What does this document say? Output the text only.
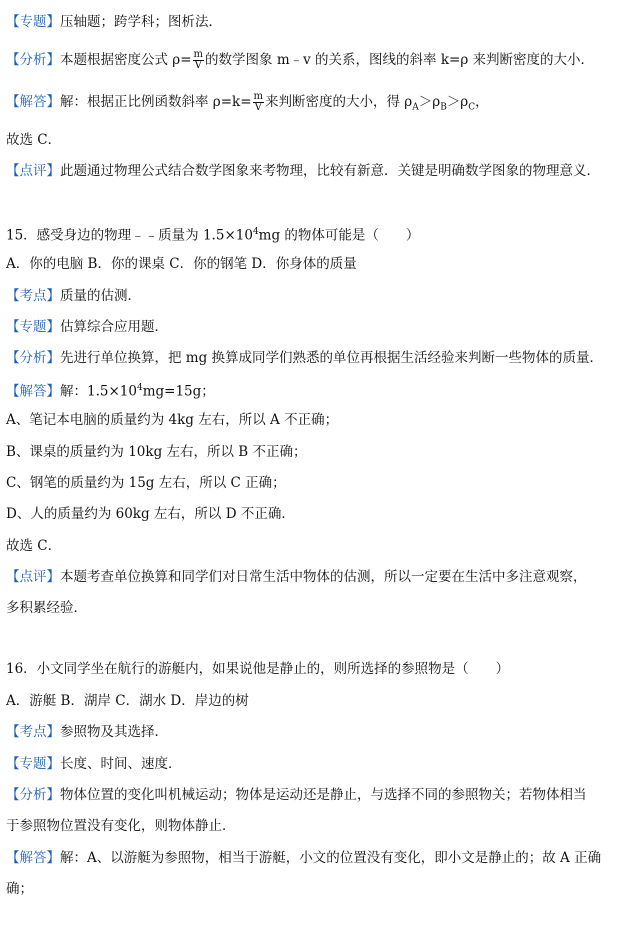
【专题】压轴题；跨学科；图析法．
【分析】本题根据密度公式 $\rho= \frac{m}{V}$ 的数学图象 m﹣v 的关系，图线的斜率 k=ρ 来判断密度的大小．
【解答】解：根据正比例函数斜率 $\rho=k= \frac{m}{V}$ 来判断密度的大小，得 $\rho_A>\rho_B>\rho_C$，
故选 C．
【点评】此题通过物理公式结合数学图象来考物理，比较有新意．关键是明确数学图象的物理意义．
15．感受身边的物理﹣﹣质量为 $1.5\times 10^4mg$ 的物体可能是（　　）
A．你的电脑 B．你的课桌 C．你的钢笔 D．你身体的质量
【考点】质量的估测．
【专题】估算综合应用题．
【分析】先进行单位换算，把 mg 换算成同学们熟悉的单位再根据生活经验来判断一些物体的质量．
【解答】解：$1.5\times 10^4mg=15g$；
A、笔记本电脑的质量约为 4kg 左右，所以 A 不正确；
B、课桌的质量约为 10kg 左右，所以 B 不正确；
C、钢笔的质量约为 15g 左右，所以 C 正确；
D、人的质量约为 60kg 左右，所以 D 不正确．
故选 C．
【点评】本题考查单位换算和同学们对日常生活中物体的估测，所以一定要在生活中多注意观察，
多积累经验．
16．小文同学坐在航行的游艇内，如果说他是静止的，则所选择的参照物是（　　）
A．游艇 B．湖岸 C．湖水 D．岸边的树
【考点】参照物及其选择．
【专题】长度、时间、速度．
【分析】物体位置的变化叫机械运动；物体是运动还是静止，与选择不同的参照物关；若物体相当
于参照物位置没有变化，则物体静止．
【解答】解：A、以游艇为参照物，相当于游艇，小文的位置没有变化，即小文是静止的；故 A 正确
确；
